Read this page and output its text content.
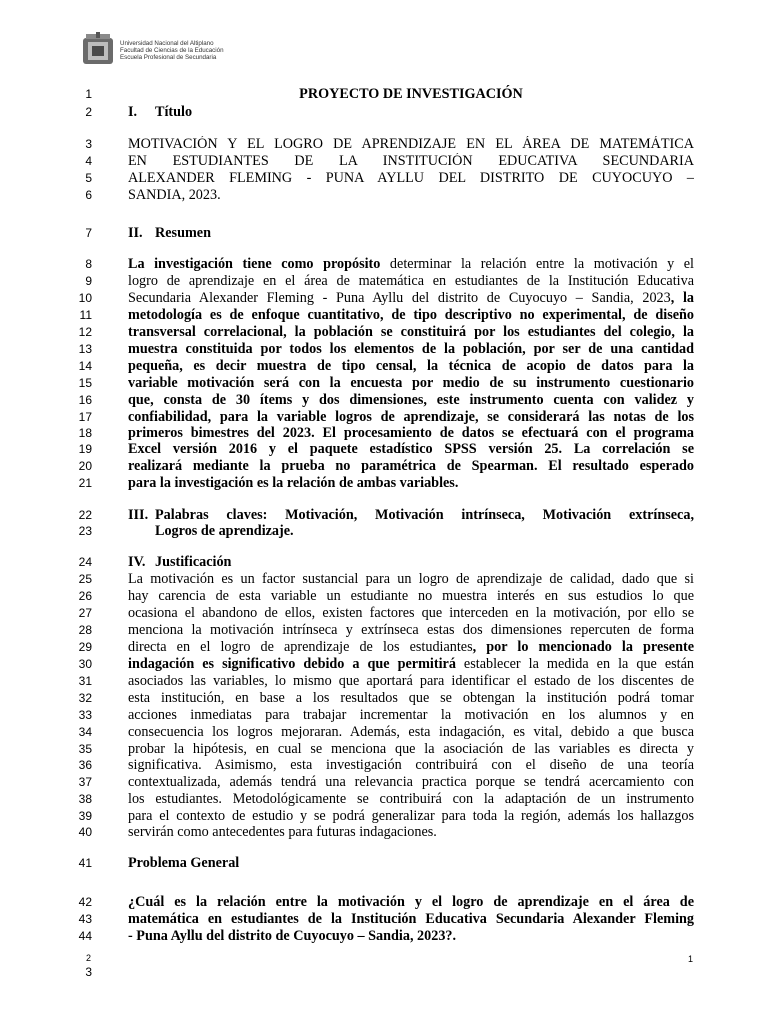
Universidad Nacional del Altiplano
Facultad de Ciencias de la Educación
Escuela Profesional de Secundaria
1	PROYECTO DE INVESTIGACIÓN
2	I. Título
3	MOTIVACIÓN Y EL LOGRO DE APRENDIZAJE EN EL ÁREA DE MATEMÁTICA
4	EN ESTUDIANTES DE LA INSTITUCIÓN EDUCATIVA SECUNDARIA
5	ALEXANDER FLEMING - PUNA AYLLU DEL DISTRITO DE CUYOCUYO –
6	SANDIA, 2023.
7	II. Resumen
8	La investigación tiene como propósito determinar la relación entre la motivación y el
9	logro de aprendizaje en el área de matemática en estudiantes de la Institución Educativa
10	Secundaria Alexander Fleming - Puna Ayllu del distrito de Cuyocuyo – Sandia, 2023, la
11	metodología es de enfoque cuantitativo, de tipo descriptivo no experimental, de diseño
12	transversal correlacional, la población se constituirá por los estudiantes del colegio, la
13	muestra constituida por todos los elementos de la población, por ser de una cantidad
14	pequeña, es decir muestra de tipo censal, la técnica de acopio de datos para la
15	variable motivación será con la encuesta por medio de su instrumento cuestionario
16	que, consta de 30 ítems y dos dimensiones, este instrumento cuenta con validez y
17	confiabilidad, para la variable logros de aprendizaje, se considerará las notas de los
18	primeros bimestres del 2023. El procesamiento de datos se efectuará con el programa
19	Excel versión 2016 y el paquete estadístico SPSS versión 25. La correlación se
20	realizará mediante la prueba no paramétrica de Spearman. El resultado esperado
21	para la investigación es la relación de ambas variables.
22	III. Palabras claves: Motivación, Motivación intrínseca, Motivación extrínseca,
23	Logros de aprendizaje.
24	IV. Justificación
25	La motivación es un factor sustancial para un logro de aprendizaje de calidad, dado que si
26	hay carencia de esta variable un estudiante no muestra interés en sus estudios lo que
27	ocasiona el abandono de ellos, existen factores que interceden en la motivación, por ello se
28	menciona la motivación intrínseca y extrínseca estas dos dimensiones repercuten de forma
29	directa en el logro de aprendizaje de los estudiantes, por lo mencionado la presente
30	indagación es significativo debido a que permitirá establecer la medida en la que están
31	asociados las variables, lo mismo que aportará para identificar el estado de los discentes de
32	esta institución, en base a los resultados que se obtengan la institución podrá tomar
33	acciones inmediatas para trabajar incrementar la motivación en los alumnos y en
34	consecuencia los logros mejoraran. Además, esta indagación, es vital, debido a que busca
35	probar la hipótesis, en cual se menciona que la asociación de las variables es directa y
36	significativa. Asimismo, esta investigación contribuirá con el diseño de una teoría
37	contextualizada, además tendrá una relevancia practica porque se tendrá acercamiento con
38	los estudiantes. Metodológicamente se contribuirá con la adaptación de un instrumento
39	para el contexto de estudio y se podrá generalizar para toda la región, además los hallazgos
40	servirán como antecedentes para futuras indagaciones.
41	Problema General
42	¿Cuál es la relación entre la motivación y el logro de aprendizaje en el área de
43	matemática en estudiantes de la Institución Educativa Secundaria Alexander Fleming
44	- Puna Ayllu del distrito de Cuyocuyo – Sandia, 2023?.
2
3
1
